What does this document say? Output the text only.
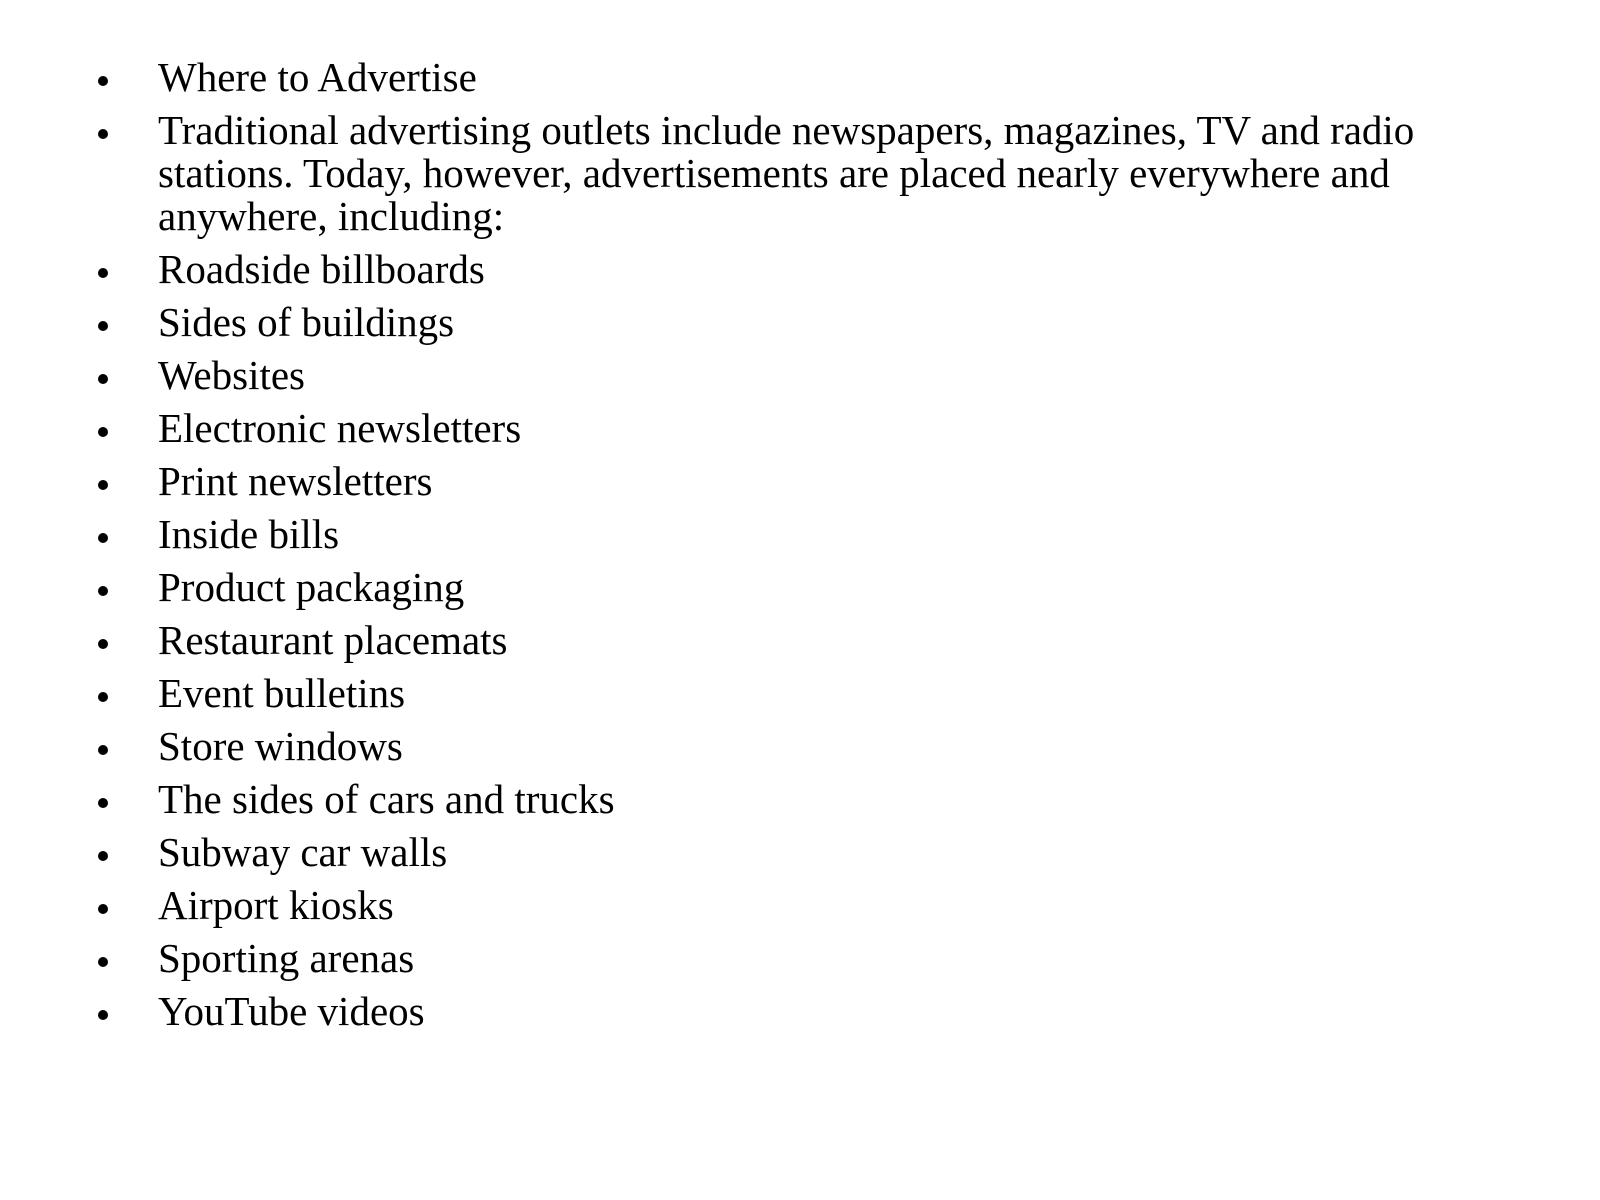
Where to Advertise
Traditional advertising outlets include newspapers, magazines, TV and radio stations. Today, however, advertisements are placed nearly everywhere and anywhere, including:
Roadside billboards
Sides of buildings
Websites
Electronic newsletters
Print newsletters
Inside bills
Product packaging
Restaurant placemats
Event bulletins
Store windows
The sides of cars and trucks
Subway car walls
Airport kiosks
Sporting arenas
YouTube videos
